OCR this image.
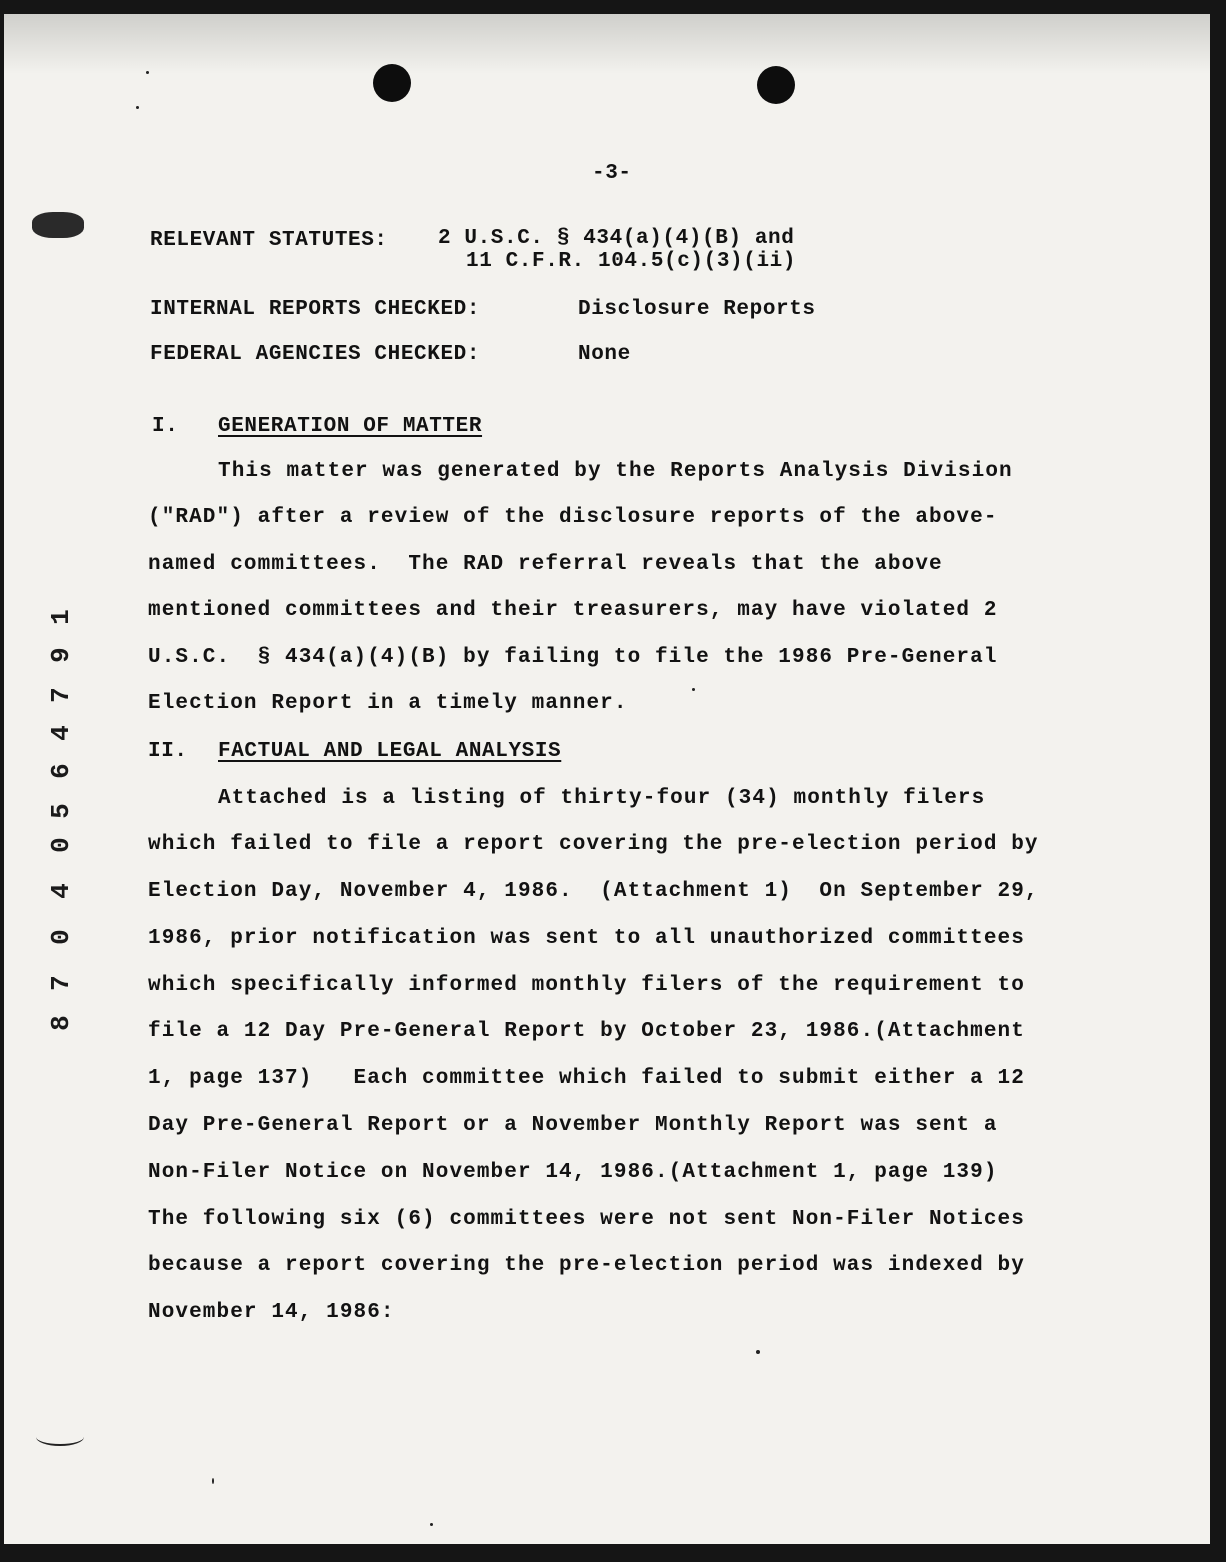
-3-
RELEVANT STATUTES: 2 U.S.C. § 434(a)(4)(B) and
11 C.F.R. 104.5(c)(3)(ii)
INTERNAL REPORTS CHECKED:	Disclosure Reports
FEDERAL AGENCIES CHECKED:	None
I. GENERATION OF MATTER
This matter was generated by the Reports Analysis Division
("RAD") after a review of the disclosure reports of the above-
named committees.  The RAD referral reveals that the above
mentioned committees and their treasurers, may have violated 2
U.S.C.  § 434(a)(4)(B) by failing to file the 1986 Pre-General
Election Report in a timely manner.
II. FACTUAL AND LEGAL ANALYSIS
Attached is a listing of thirty-four (34) monthly filers
which failed to file a report covering the pre-election period by
Election Day, November 4, 1986.  (Attachment 1)  On September 29,
1986, prior notification was sent to all unauthorized committees
which specifically informed monthly filers of the requirement to
file a 12 Day Pre-General Report by October 23, 1986.(Attachment
1, page 137)   Each committee which failed to submit either a 12
Day Pre-General Report or a November Monthly Report was sent a
Non-Filer Notice on November 14, 1986.(Attachment 1, page 139)
The following six (6) committees were not sent Non-Filer Notices
because a report covering the pre-election period was indexed by
November 14, 1986:
8
7
0
4
0
5
6
4
7
9
1
